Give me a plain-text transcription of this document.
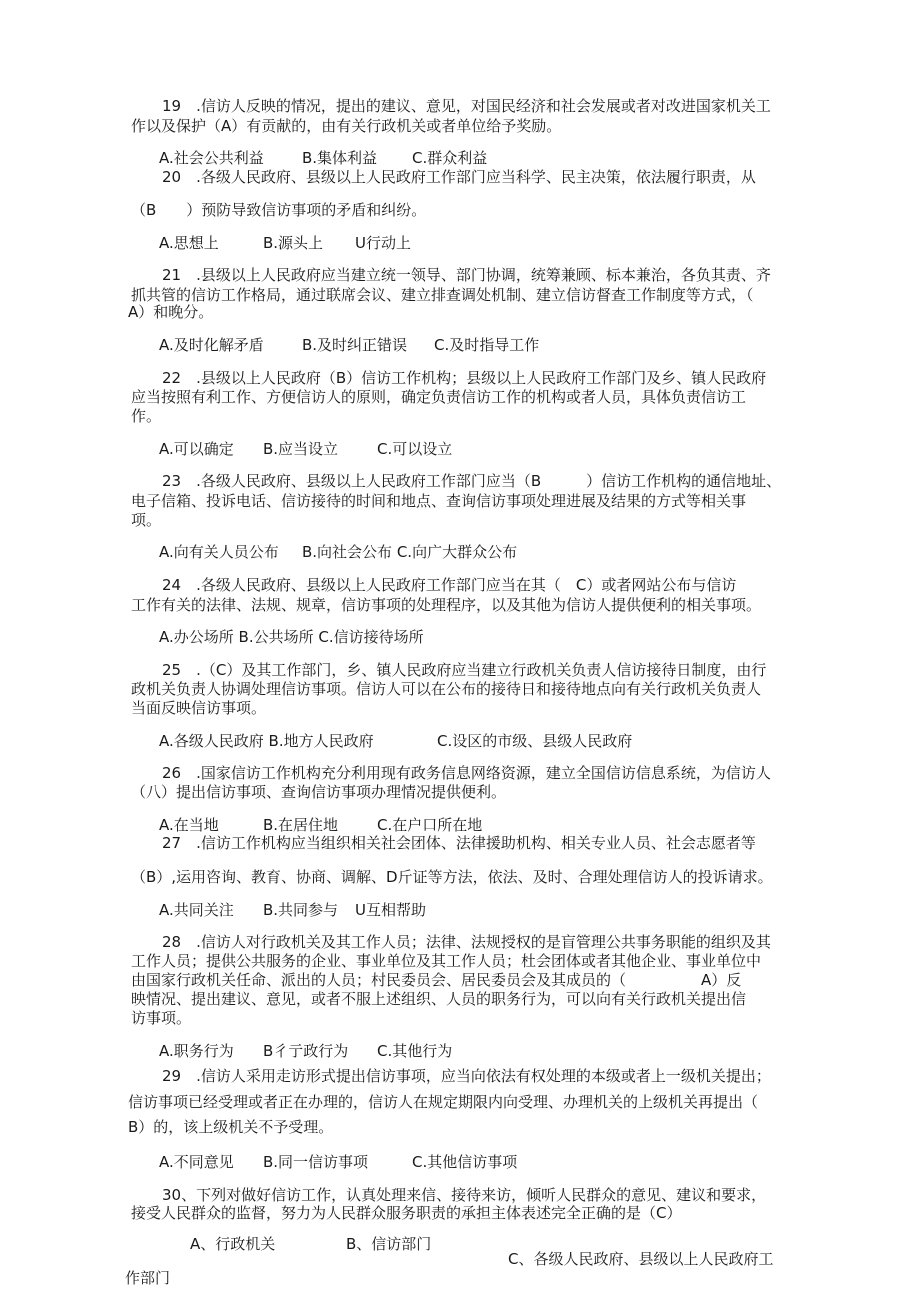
19　.信访人反映的情况，提出的建议、意见，对国民经济和社会发展或者对改进国家机关工
作以及保护（A）有贡献的，由有关行政机关或者单位给予奖励。
A.社会公共利益	B.集体利益 C.群众利益
20　.各级人民政府、县级以上人民政府工作部门应当科学、民主决策，依法履行职责，从
（B　　）预防导致信访事项的矛盾和纠纷。
A.思想上	B.源头上 U行动上
21　.县级以上人民政府应当建立统一领导、部门协调，统筹兼顾、标本兼治，各负其责、齐
抓共管的信访工作格局，通过联席会议、建立排查调处机制、建立信访督查工作制度等方式，（
A）和晚分。
A.及时化解矛盾	B.及时纠正错误 C.及时指导工作
22　.县级以上人民政府（B）信访工作机构；县级以上人民政府工作部门及乡、镇人民政府
应当按照有利工作、方便信访人的原则，确定负责信访工作的机构或者人员，具体负责信访工
作。
A.可以确定 B.应当设立	C.可以设立
23　.各级人民政府、县级以上人民政府工作部门应当（B　　　）信访工作机构的通信地址、
电子信箱、投诉电话、信访接待的时间和地点、查询信访事项处理进展及结果的方式等相关事
项。
A.向有关人员公布 B.向社会公布 C.向广大群众公布
24　.各级人民政府、县级以上人民政府工作部门应当在其（　C）或者网站公布与信访
工作有关的法律、法规、规章，信访事项的处理程序，以及其他为信访人提供便利的相关事项。
A.办公场所 B.公共场所 C.信访接待场所
25　.（C）及其工作部门，乡、镇人民政府应当建立行政机关负责人信访接待日制度，由行
政机关负责人协调处理信访事项。信访人可以在公布的接待日和接待地点向有关行政机关负责人
当面反映信访事项。
A.各级人民政府 B.地方人民政府	C.设区的市级、县级人民政府
26　.国家信访工作机构充分利用现有政务信息网络资源，建立全国信访信息系统，为信访人
（八）提出信访事项、查询信访事项办理情况提供便利。
A.在当地	B.在居住地	C.在户口所在地
27　.信访工作机构应当组织相关社会团体、法律援助机构、相关专业人员、社会志愿者等
（B）,运用咨询、教育、协商、调解、D斤证等方法，依法、及时、合理处理信访人的投诉请求。
A.共同关注 B.共同参与 U互相帮助
28　.信访人对行政机关及其工作人员；法律、法规授权的是盲管理公共事务职能的组织及其
工作人员；提供公共服务的企业、事业单位及其工作人员；杜会团体或者其他企业、事业单位中
由国家行政机关任命、派出的人员；村民委员会、居民委员会及其成员的（　　　　　A）反
映情况、提出建议、意见，或者不服上述组织、人员的职务行为，可以向有关行政机关提出信
访事项。
A.职务行为 B彳亍政行为 C.其他行为
29　.信访人采用走访形式提出信访事项，应当向依法有权处理的本级或者上一级机关提出；
信访事项已经受理或者正在办理的，信访人在规定期限内向受理、办理机关的上级机关再提出（
B）的，该上级机关不予受理。
A.不同意见 B.同一信访事项	C.其他信访事项
30、下列对做好信访工作，认真处理来信、接待来访，倾听人民群众的意见、建议和要求，
接受人民群众的监督，努力为人民群众服务职责的承担主体表述完全正确的是（C）
A、行政机关	B、信访部门
C、各级人民政府、县级以上人民政府工
作部门
